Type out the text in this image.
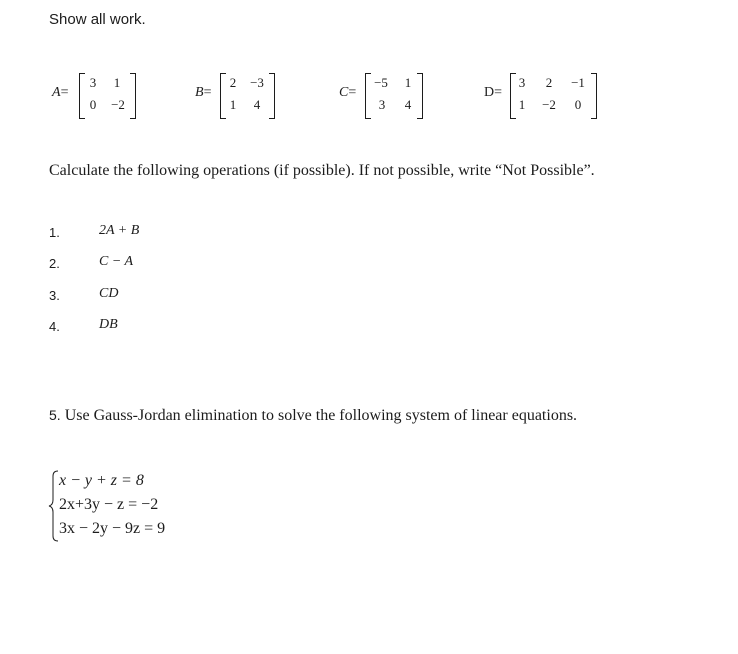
Show all work.
A=
3	1
0	−2
B=
2	−3
1	4
C=
−5	1
3	4
D=
3	2	−1
1	−2	0
Calculate the following operations (if possible). If not possible, write “Not Possible”.
1.	2A + B
2.	C − A
3.	CD
4.	DB
5. Use Gauss-Jordan elimination to solve the following system of linear equations.
x − y + z = 8
2x+3y − z = −2
3x − 2y − 9z = 9
